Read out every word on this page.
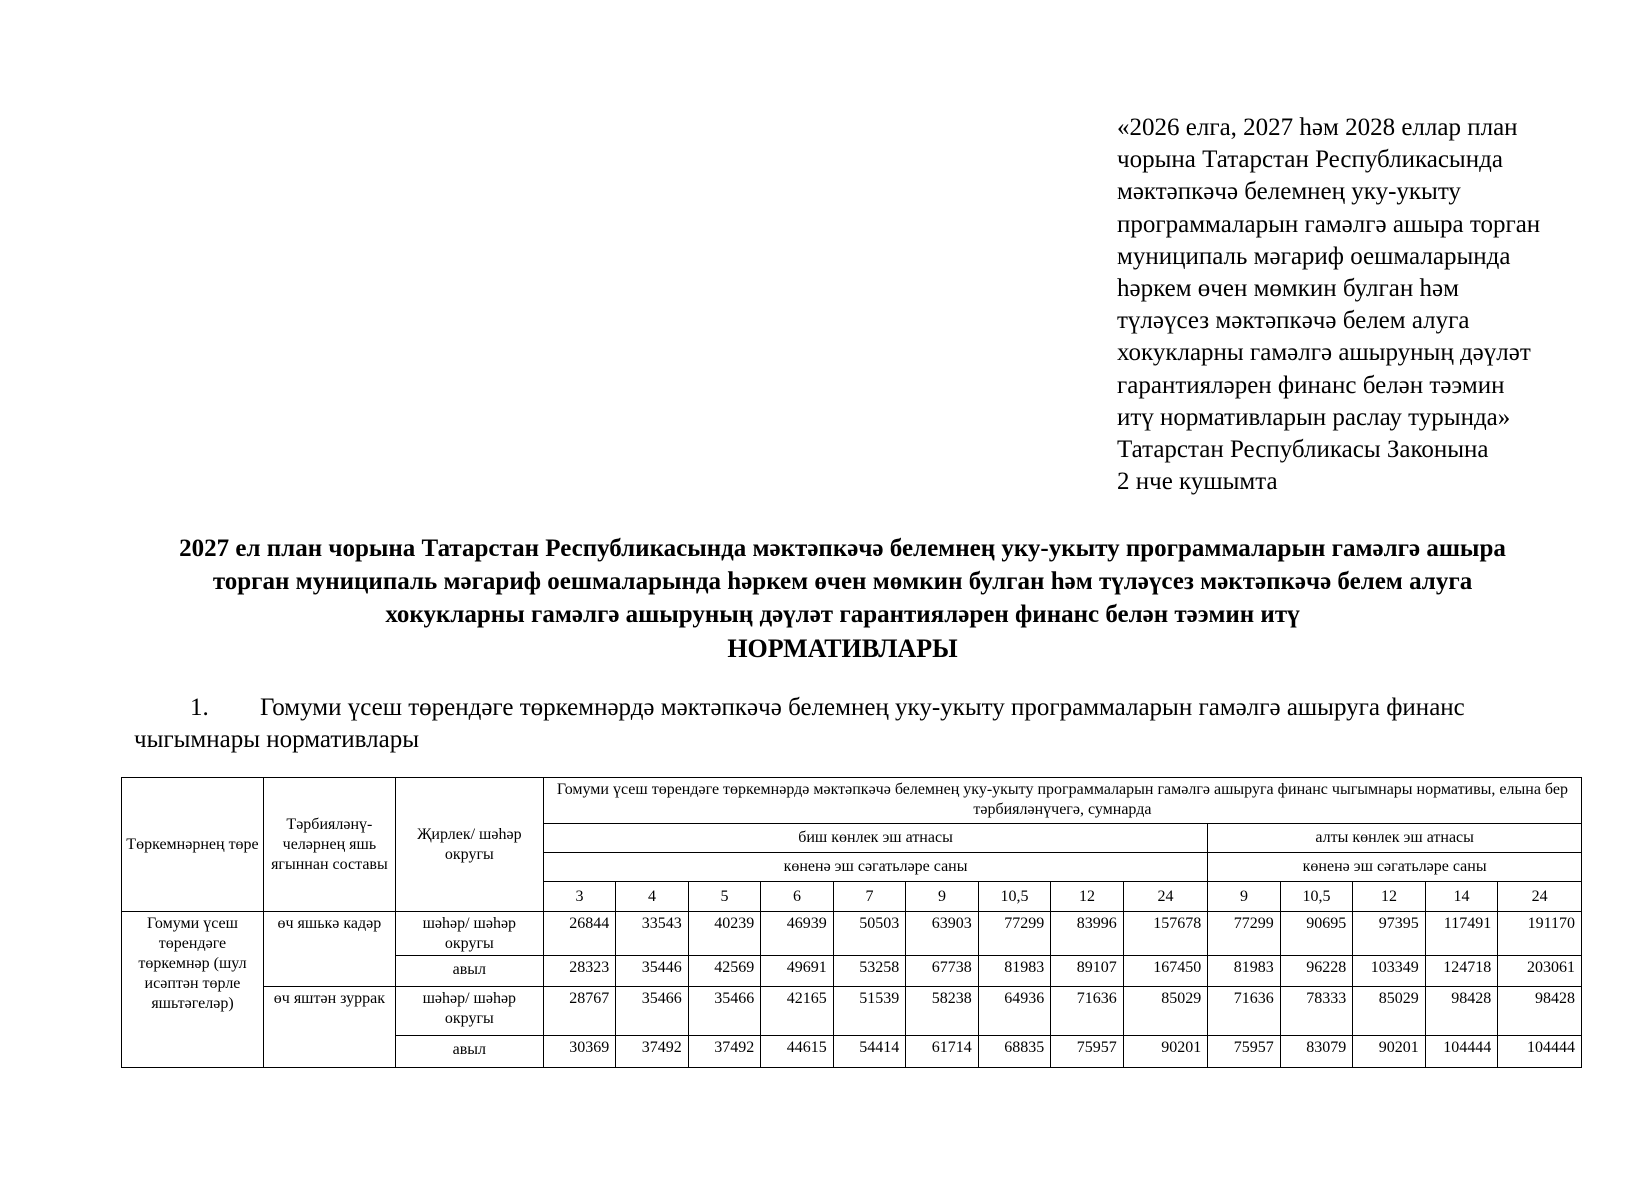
«2026 елга, 2027 һәм 2028 еллар план
чорына Татарстан Республикасында
мәктәпкәчә белемнең уку-укыту
программаларын гамәлгә ашыра торган
муниципаль мәгариф оешмаларында
һәркем өчен мөмкин булган һәм
түләүсез мәктәпкәчә белем алуга
хокукларны гамәлгә ашыруның дәүләт
гарантияләрен финанс белән тәэмин
итү нормативларын раслау турында»
Татарстан Республикасы Законына
2 нче кушымта
2027 ел план чорына Татарстан Республикасында мәктәпкәчә белемнең уку-укыту программаларын гамәлгә ашыра
торган муниципаль мәгариф оешмаларында һәркем өчен мөмкин булган һәм түләүсез мәктәпкәчә белем алуга
хокукларны гамәлгә ашыруның дәүләт гарантияләрен финанс белән тәэмин итү
НОРМАТИВЛАРЫ
1. Гомуми үсеш төрендәге төркемнәрдә мәктәпкәчә белемнең уку-укыту программаларын гамәлгә ашыруга финанс
чыгымнары нормативлары
Төркемнәрнең төре	Тәрбияләнү-челәрнең яшь ягыннан составы	Җирлек/ шәһәр округы	Гомуми үсеш төрендәге төркемнәрдә мәктәпкәчә белемнең уку-укыту программаларын гамәлгә ашыруга финанс чыгымнары нормативы, елына бер тәрбияләнүчегә, сумнарда													
			биш көнлек эш атнасы									алты көнлек эш атнасы				
			көненә эш сәгатьләре саны									көненә эш сәгатьләре саны				
			3	4	5	6	7	9	10,5	12	24	9	10,5	12	14	24
Гомуми үсеш төрендәге төркемнәр (шул исәптән төрле яшьтәгеләр)	өч яшькә кадәр	шәһәр/ шәһәр округы	26844	33543	40239	46939	50503	63903	77299	83996	157678	77299	90695	97395	117491	191170
		авыл	28323	35446	42569	49691	53258	67738	81983	89107	167450	81983	96228	103349	124718	203061
	өч яштән зуррак	шәһәр/ шәһәр округы	28767	35466	35466	42165	51539	58238	64936	71636	85029	71636	78333	85029	98428	98428
		авыл	30369	37492	37492	44615	54414	61714	68835	75957	90201	75957	83079	90201	104444	104444
